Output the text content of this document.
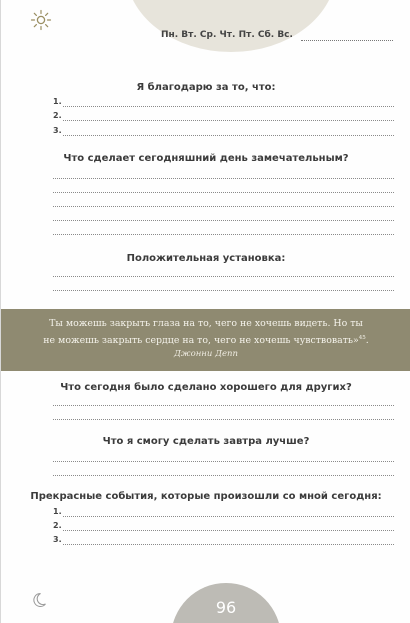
Пн. Вт. Ср. Чт. Пт. Сб. Вс.
Я благодарю за то, что:
1.
2.
3.
Что сделает сегодняшний день замечательным?
Положительная установка:
Ты можешь закрыть глаза на то, чего не хочешь видеть. Но ты
не можешь закрыть сердце на то, чего не хочешь чувствовать»$^{45}$.
Джонни Депп
Что сегодня было сделано хорошего для других?
Что я смогу сделать завтра лучше?
Прекрасные события, которые произошли со мной сегодня:
1.
2.
3.
96
